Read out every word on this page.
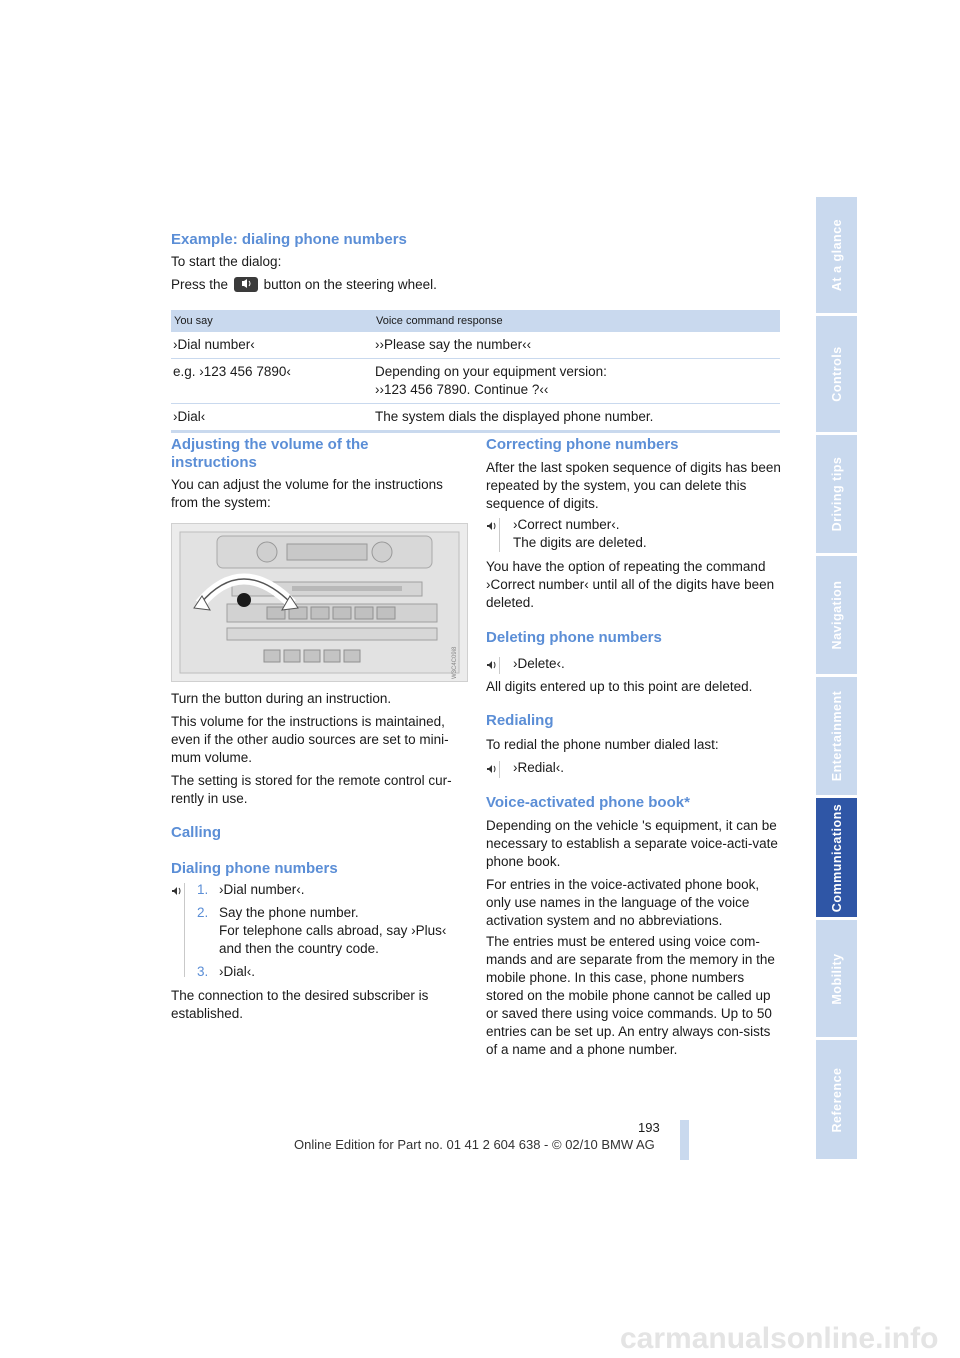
At a glance
Controls
Driving tips
Navigation
Entertainment
Communications
Mobility
Reference
Example: dialing phone numbers
To start the dialog:
Press the	button on the steering wheel.
You say	Voice command response
›Dial number‹	››Please say the number‹‹
e.g. ›123 456 7890‹	Depending on your equipment version:
››123 456 7890. Continue ?‹‹

›Dial‹	The system dials the displayed phone number.
Adjusting the volume of the instructions

You can adjust the volume for the instructions from the system:

W3C4C09i8

Turn the button during an instruction.

This volume for the instructions is maintained, even if the other audio sources are set to mini-mum volume.

The setting is stored for the remote control cur-rently in use.

Calling
Dialing phone numbers
1. ›Dial number‹.
2. Say the phone number.
For telephone calls abroad, say ›Plus‹ and then the country code.
3. ›Dial‹.

The connection to the desired subscriber is established.

Correcting phone numbers

After the last spoken sequence of digits has been repeated by the system, you can delete this sequence of digits.

›Correct number‹.

The digits are deleted.

You have the option of repeating the command ›Correct number‹ until all of the digits have been deleted.

Deleting phone numbers

›Delete‹.

All digits entered up to this point are deleted.

Redialing

To redial the phone number dialed last:

›Redial‹.

Voice-activated phone book*

Depending on the vehicle 's equipment, it can be necessary to establish a separate voice-acti-vate phone book.

For entries in the voice-activated phone book, only use names in the language of the voice activation system and no abbreviations.

The entries must be entered using voice com-mands and are separate from the memory in the mobile phone. In this case, phone numbers stored on the mobile phone cannot be called up or saved there using voice commands. Up to 50 entries can be set up. An entry always con-sists of a name and a phone number.

193
Online Edition for Part no. 01 41 2 604 638 - © 02/10 BMW AG
carmanualsonline.info
